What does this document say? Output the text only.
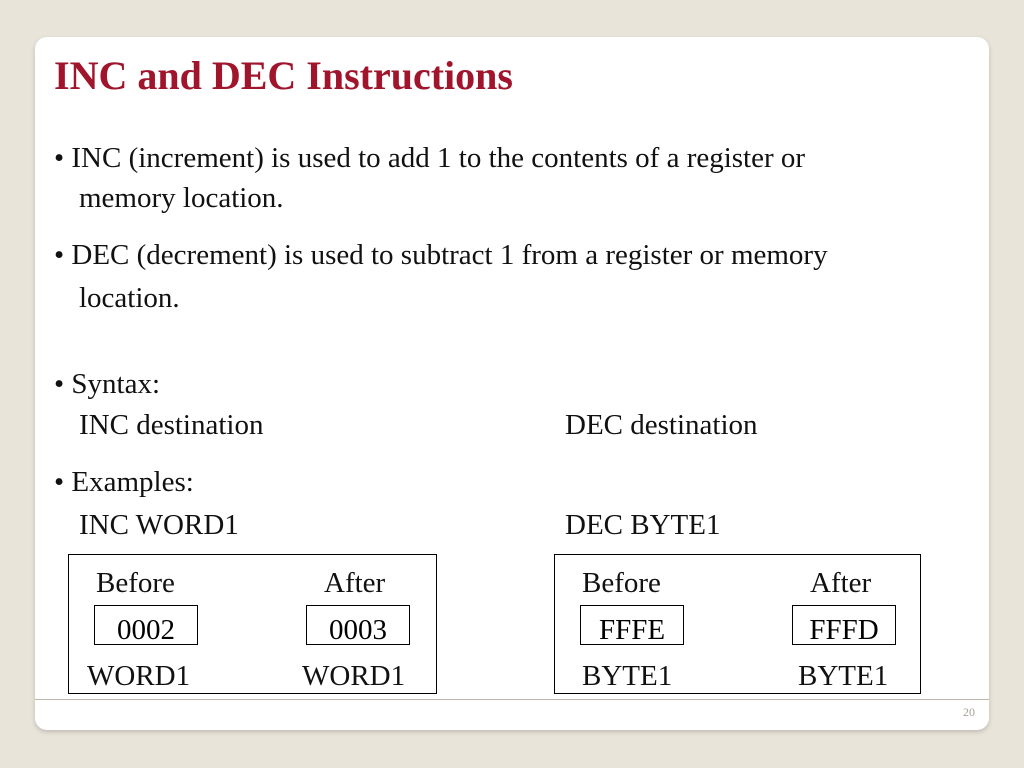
INC and DEC Instructions
• INC (increment) is used to add 1 to the contents of a register or
memory location.
• DEC (decrement) is used to subtract 1 from a register or memory
location.
• Syntax:
INC destination	DEC destination
• Examples:
INC WORD1	DEC BYTE1
Before	After
0002	0003
WORD1	WORD1
Before	After
FFFE	FFFD
BYTE1	BYTE1
20
